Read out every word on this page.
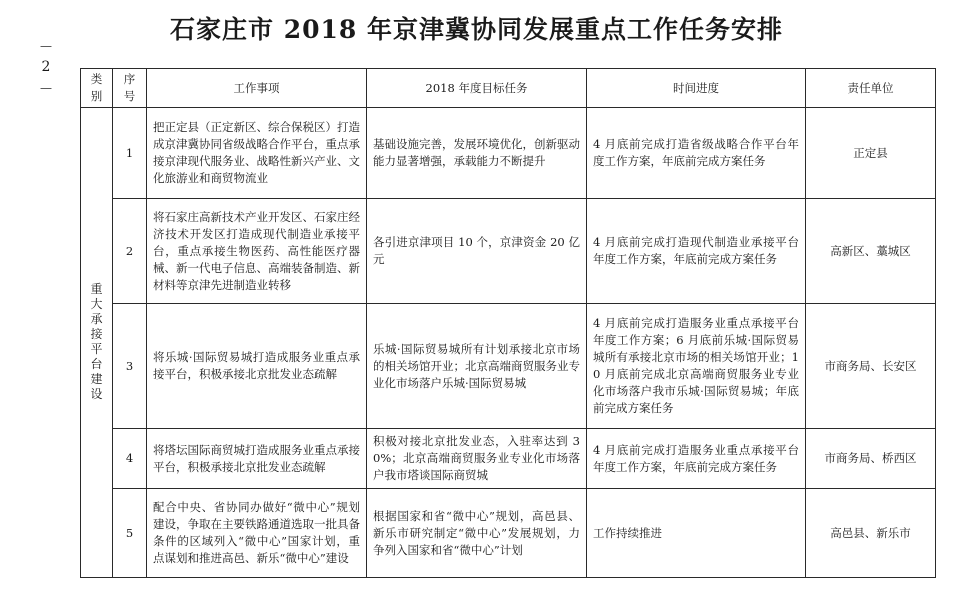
石家庄市 2018 年京津冀协同发展重点工作任务安排
—
2
—
类别	序号	工作事项	2018 年度目标任务	时间进度	责任单位
重大承接平台建设	1	把正定县（正定新区、综合保税区）打造成京津冀协同省级战略合作平台，重点承接京津现代服务业、战略性新兴产业、文化旅游业和商贸物流业	基础设施完善，发展环境优化，创新驱动能力显著增强，承载能力不断提升	4 月底前完成打造省级战略合作平台年度工作方案，年底前完成方案任务	正定县
	2	将石家庄高新技术产业开发区、石家庄经济技术开发区打造成现代制造业承接平台，重点承接生物医药、高性能医疗器械、新一代电子信息、高端装备制造、新材料等京津先进制造业转移	各引进京津项目 10 个，京津资金 20 亿元	4 月底前完成打造现代制造业承接平台年度工作方案，年底前完成方案任务	高新区、藁城区
	3	将乐城·国际贸易城打造成服务业重点承接平台，积极承接北京批发业态疏解	乐城·国际贸易城所有计划承接北京市场的相关场馆开业；北京高端商贸服务业专业化市场落户乐城·国际贸易城	4 月底前完成打造服务业重点承接平台年度工作方案；6 月底前乐城·国际贸易城所有承接北京市场的相关场馆开业；10 月底前完成北京高端商贸服务业专业化市场落户我市乐城·国际贸易城；年底前完成方案任务	市商务局、长安区
	4	将塔坛国际商贸城打造成服务业重点承接平台，积极承接北京批发业态疏解	积极对接北京批发业态，入驻率达到 30%；北京高端商贸服务业专业化市场落户我市塔谈国际商贸城	4 月底前完成打造服务业重点承接平台年度工作方案，年底前完成方案任务	市商务局、桥西区
	5	配合中央、省协同办做好“微中心”规划建设，争取在主要铁路通道选取一批具备条件的区域列入“微中心”国家计划，重点谋划和推进高邑、新乐“微中心”建设	根据国家和省“微中心”规划，高邑县、新乐市研究制定“微中心”发展规划，力争列入国家和省“微中心”计划	工作持续推进	高邑县、新乐市
